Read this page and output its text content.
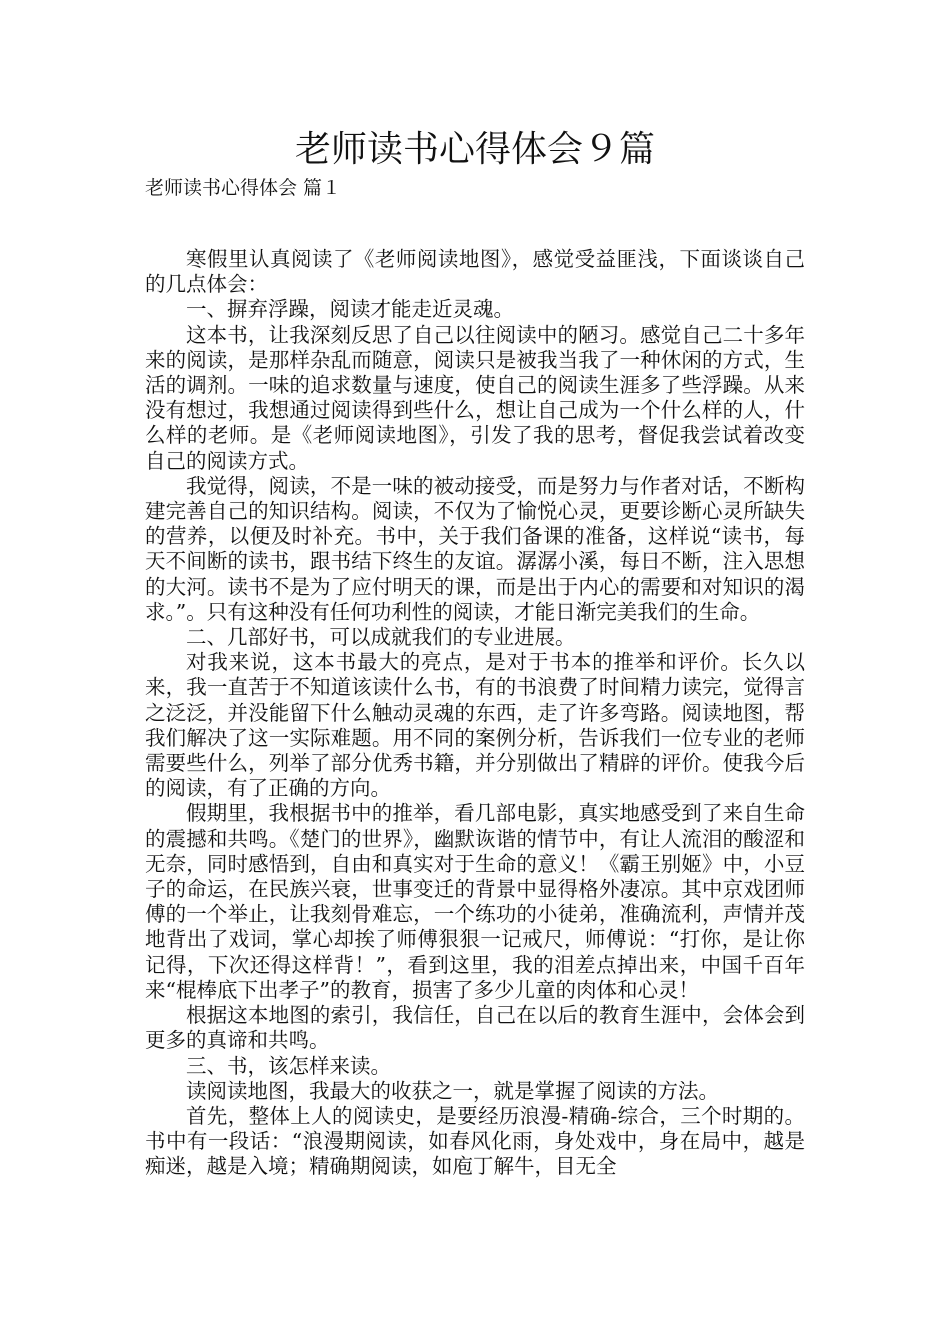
老师读书心得体会９篇

老师读书心得体会 篇１

寒假里认真阅读了《老师阅读地图》，感觉受益匪浅，下面谈谈自己的几点体会：

一、摒弃浮躁，阅读才能走近灵魂。

这本书，让我深刻反思了自己以往阅读中的陋习。感觉自己二十多年来的阅读，是那样杂乱而随意，阅读只是被我当我了一种休闲的方式，生活的调剂。一味的追求数量与速度，使自己的阅读生涯多了些浮躁。从来没有想过，我想通过阅读得到些什么，想让自己成为一个什么样的人，什么样的老师。是《老师阅读地图》，引发了我的思考，督促我尝试着改变自己的阅读方式。

我觉得，阅读，不是一味的被动接受，而是努力与作者对话，不断构建完善自己的知识结构。阅读，不仅为了愉悦心灵，更要诊断心灵所缺失的营养，以便及时补充。书中，关于我们备课的准备，这样说“读书，每天不间断的读书，跟书结下终生的友谊。潺潺小溪，每日不断，注入思想的大河。读书不是为了应付明天的课，而是出于内心的需要和对知识的渴求。”。只有这种没有任何功利性的阅读，才能日渐完美我们的生命。

二、几部好书，可以成就我们的专业进展。

对我来说，这本书最大的亮点，是对于书本的推举和评价。长久以来，我一直苦于不知道该读什么书，有的书浪费了时间精力读完，觉得言之泛泛，并没能留下什么触动灵魂的东西，走了许多弯路。阅读地图，帮我们解决了这一实际难题。用不同的案例分析，告诉我们一位专业的老师需要些什么，列举了部分优秀书籍，并分别做出了精辟的评价。使我今后的阅读，有了正确的方向。

假期里，我根据书中的推举，看几部电影，真实地感受到了来自生命的震撼和共鸣。《楚门的世界》，幽默诙谐的情节中，有让人流泪的酸涩和无奈，同时感悟到，自由和真实对于生命的意义！《霸王别姬》中，小豆子的命运，在民族兴衰，世事变迁的背景中显得格外凄凉。其中京戏团师傅的一个举止，让我刻骨难忘，一个练功的小徒弟，准确流利，声情并茂地背出了戏词，掌心却挨了师傅狠狠一记戒尺，师傅说：“打你，是让你记得，下次还得这样背！”，看到这里，我的泪差点掉出来，中国千百年来“棍棒底下出孝子”的教育，损害了多少儿童的肉体和心灵！

根据这本地图的索引，我信任，自己在以后的教育生涯中，会体会到更多的真谛和共鸣。

三、书，该怎样来读。

读阅读地图，我最大的收获之一，就是掌握了阅读的方法。

首先，整体上人的阅读史，是要经历浪漫-精确-综合，三个时期的。书中有一段话：“浪漫期阅读，如春风化雨，身处戏中，身在局中，越是痴迷，越是入境；精确期阅读，如庖丁解牛，目无全
